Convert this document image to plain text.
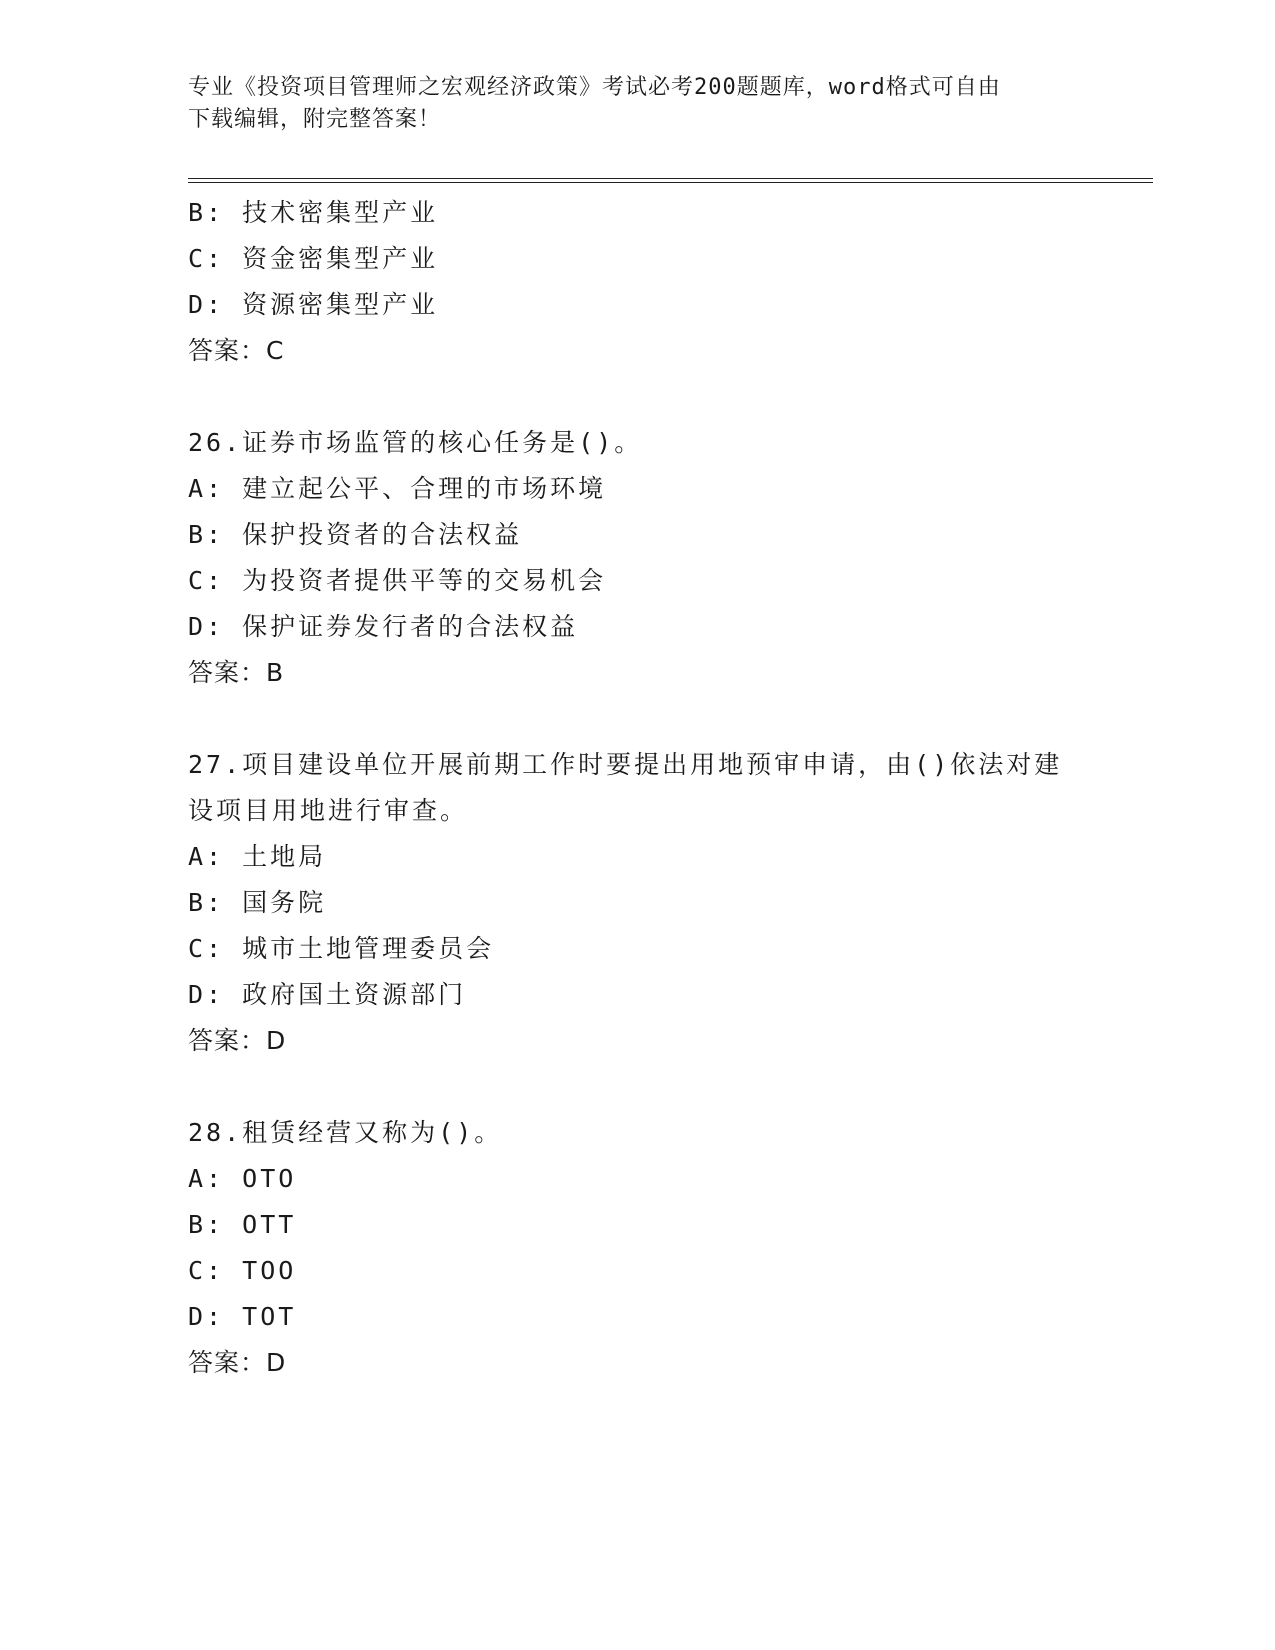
专业《投资项目管理师之宏观经济政策》考试必考200题题库，word格式可自由
下载编辑，附完整答案！
B: 技术密集型产业
C: 资金密集型产业
D: 资源密集型产业
答案：C
26.证券市场监管的核心任务是()。
A: 建立起公平、合理的市场环境
B: 保护投资者的合法权益
C: 为投资者提供平等的交易机会
D: 保护证券发行者的合法权益
答案：B
27.项目建设单位开展前期工作时要提出用地预审申请，由()依法对建
设项目用地进行审查。
A: 土地局
B: 国务院
C: 城市土地管理委员会
D: 政府国土资源部门
答案：D
28.租赁经营又称为()。
A: OTO
B: OTT
C: TOO
D: TOT
答案：D
